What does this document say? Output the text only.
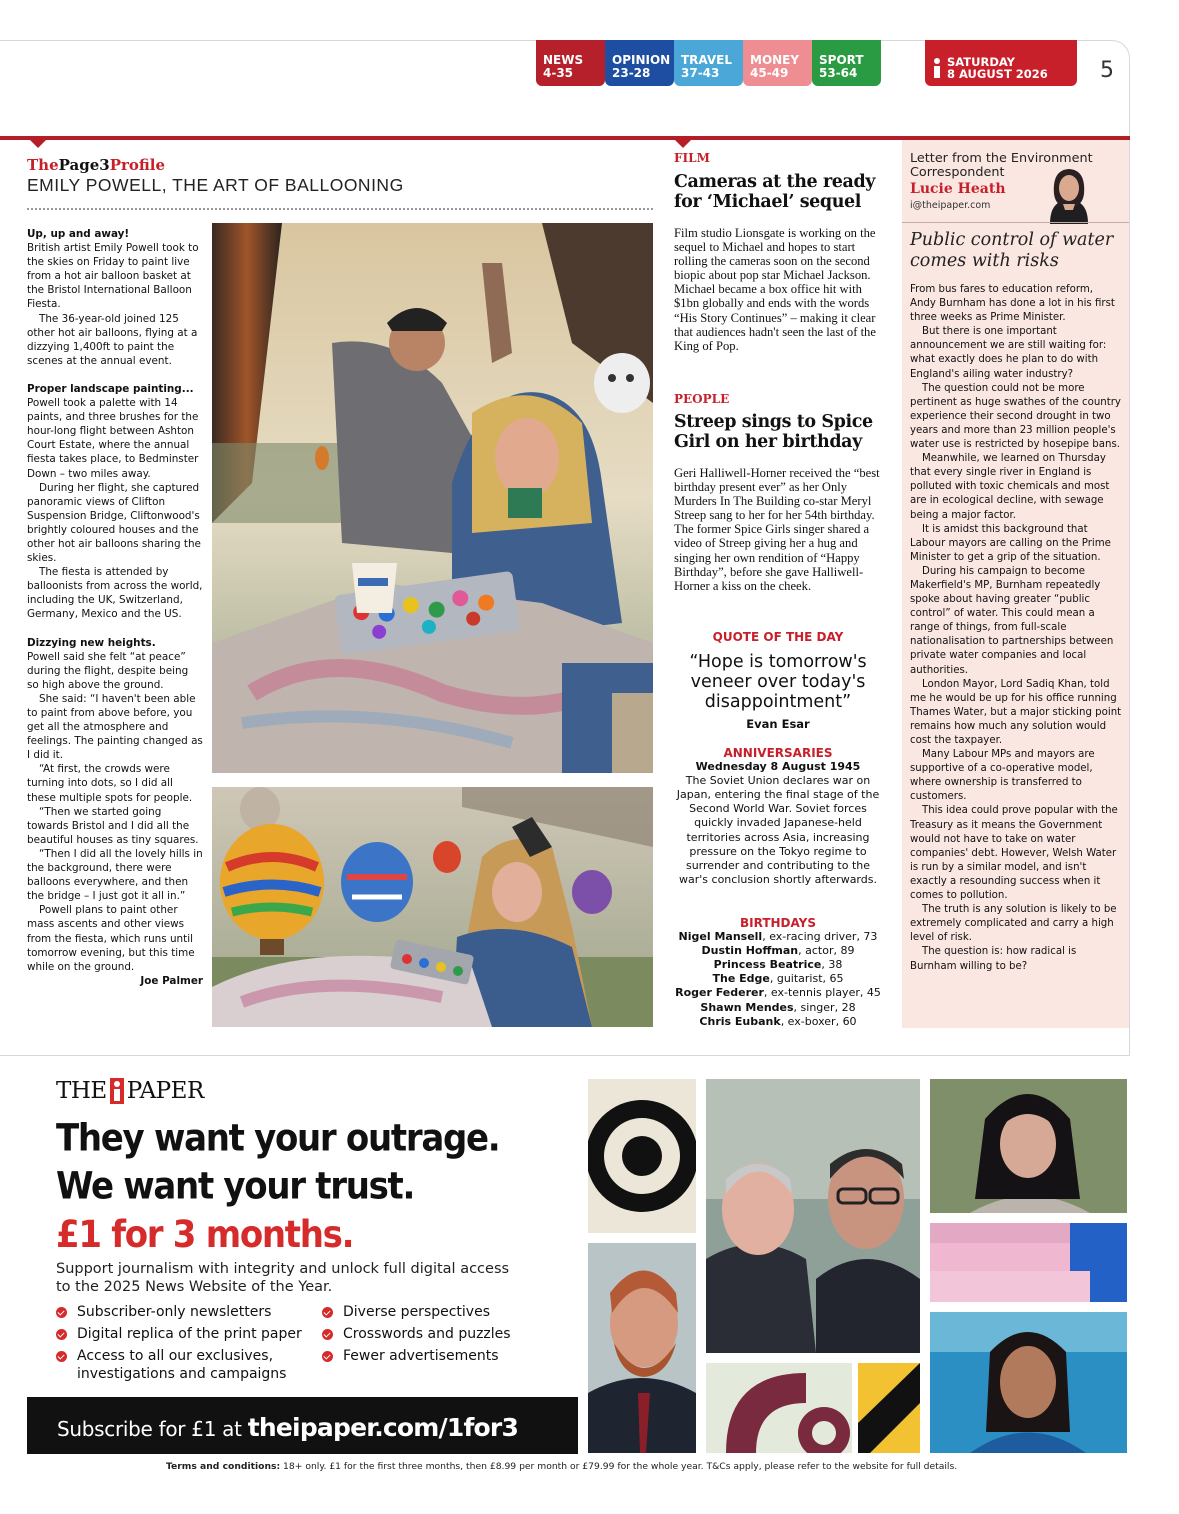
NEWS
4-35
OPINION
23-28
TRAVEL
37-43
MONEY
45-49
SPORT
53-64
SATURDAY
8 AUGUST 2026	5
ThePage3Profile
EMILY POWELL, THE ART OF BALLOONING

Up, up and away!

British artist Emily Powell took to the skies on Friday to paint live from a hot air balloon basket at the Bristol International Balloon Fiesta.

The 36-year-old joined 125 other hot air balloons, flying at a dizzying 1,400ft to paint the scenes at the annual event.

Proper landscape painting...

Powell took a palette with 14 paints, and three brushes for the hour-long flight between Ashton Court Estate, where the annual fiesta takes place, to Bedminster Down – two miles away.

During her flight, she captured panoramic views of Clifton Suspension Bridge, Cliftonwood's brightly coloured houses and the other hot air balloons sharing the skies.

The fiesta is attended by balloonists from across the world, including the UK, Switzerland, Germany, Mexico and the US.

Dizzying new heights.

Powell said she felt “at peace” during the flight, despite being so high above the ground.

She said: “I haven't been able to paint from above before, you get all the atmosphere and feelings. The painting changed as I did it.

“At first, the crowds were turning into dots, so I did all these multiple spots for people.

“Then we started going towards Bristol and I did all the beautiful houses as tiny squares.

“Then I did all the lovely hills in the background, there were balloons everywhere, and then the bridge – I just got it all in.”

Powell plans to paint other mass ascents and other views from the fiesta, which runs until tomorrow evening, but this time while on the ground.

Joe Palmer

FILM
Cameras at the ready for ‘Michael’ sequel
Film studio Lionsgate is working on the sequel to Michael and hopes to start rolling the cameras soon on the second biopic about pop star Michael Jackson. Michael became a box office hit with $1bn globally and ends with the words “His Story Continues” – making it clear that audiences hadn't seen the last of the King of Pop.
PEOPLE
Streep sings to Spice Girl on her birthday
Geri Halliwell-Horner received the “best birthday present ever” as her Only Murders In The Building co-star Meryl Streep sang to her for her 54th birthday. The former Spice Girls singer shared a video of Streep giving her a hug and singing her own rendition of “Happy Birthday”, before she gave Halliwell-Horner a kiss on the cheek.
QUOTE OF THE DAY
“Hope is tomorrow's veneer over today's disappointment”
Evan Esar
ANNIVERSARIES
Wednesday 8 August 1945
The Soviet Union declares war on Japan, entering the final stage of the Second World War. Soviet forces quickly invaded Japanese-held territories across Asia, increasing pressure on the Tokyo regime to surrender and contributing to the war's conclusion shortly afterwards.
BIRTHDAYS
Nigel Mansell, ex-racing driver, 73
Dustin Hoffman, actor, 89
Princess Beatrice, 38
The Edge, guitarist, 65
Roger Federer, ex-tennis player, 45
Shawn Mendes, singer, 28
Chris Eubank, ex-boxer, 60
Letter from the Environment Correspondent
Lucie Heath
i@theipaper.com
Public control of water comes with risks

From bus fares to education reform, Andy Burnham has done a lot in his first three weeks as Prime Minister.

But there is one important announcement we are still waiting for: what exactly does he plan to do with England's ailing water industry?

The question could not be more pertinent as huge swathes of the country experience their second drought in two years and more than 23 million people's water use is restricted by hosepipe bans.

Meanwhile, we learned on Thursday that every single river in England is polluted with toxic chemicals and most are in ecological decline, with sewage being a major factor.

It is amidst this background that Labour mayors are calling on the Prime Minister to get a grip of the situation.

During his campaign to become Makerfield's MP, Burnham repeatedly spoke about having greater “public control” of water. This could mean a range of things, from full-scale nationalisation to partnerships between private water companies and local authorities.

London Mayor, Lord Sadiq Khan, told me he would be up for his office running Thames Water, but a major sticking point remains how much any solution would cost the taxpayer.

Many Labour MPs and mayors are supportive of a co-operative model, where ownership is transferred to customers.

This idea could prove popular with the Treasury as it means the Government would not have to take on water companies' debt. However, Welsh Water is run by a similar model, and isn't exactly a resounding success when it comes to pollution.

The truth is any solution is likely to be extremely complicated and carry a high level of risk.

The question is: how radical is Burnham willing to be?

THE PAPER
They want your outrage.
We want your trust.
£1 for 3 months.
Support journalism with integrity and unlock full digital access to the 2025 News Website of the Year.
Subscriber-only newsletters
Digital replica of the print paper
Access to all our exclusives, investigations and campaigns
Diverse perspectives
Crosswords and puzzles
Fewer advertisements
Subscribe for £1 at theipaper.com/1for3
Terms and conditions: 18+ only. £1 for the first three months, then £8.99 per month or £79.99 for the whole year. T&Cs apply, please refer to the website for full details.
